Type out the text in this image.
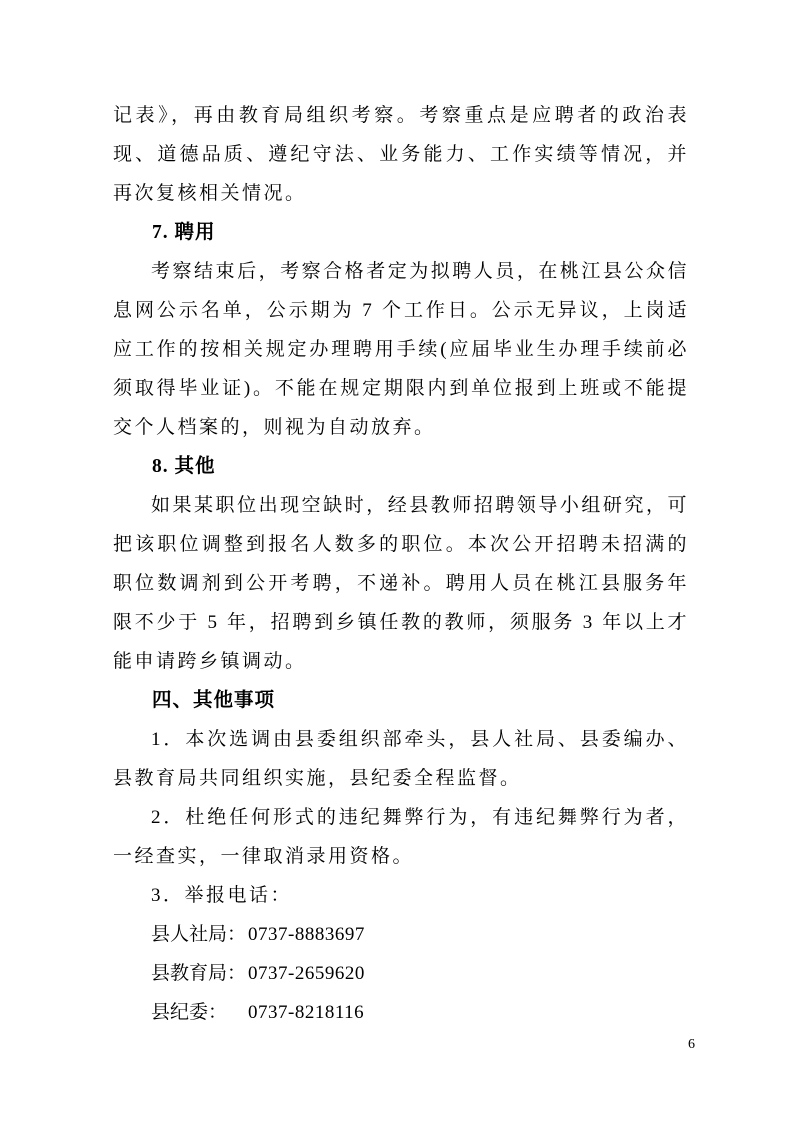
记表》，再由教育局组织考察。考察重点是应聘者的政治表现、道德品质、遵纪守法、业务能力、工作实绩等情况，并再次复核相关情况。

7. 聘用

考察结束后，考察合格者定为拟聘人员，在桃江县公众信息网公示名单，公示期为 7 个工作日。公示无异议，上岗适应工作的按相关规定办理聘用手续(应届毕业生办理手续前必须取得毕业证)。不能在规定期限内到单位报到上班或不能提交个人档案的，则视为自动放弃。

8. 其他

如果某职位出现空缺时，经县教师招聘领导小组研究，可把该职位调整到报名人数多的职位。本次公开招聘未招满的职位数调剂到公开考聘，不递补。聘用人员在桃江县服务年限不少于 5 年，招聘到乡镇任教的教师，须服务 3 年以上才能申请跨乡镇调动。

四、其他事项

1．本次选调由县委组织部牵头，县人社局、县委编办、县教育局共同组织实施，县纪委全程监督。

2．杜绝任何形式的违纪舞弊行为，有违纪舞弊行为者，一经查实，一律取消录用资格。

3．举报电话：

县人社局： 0737-8883697
县教育局： 0737-2659620
县纪委：	0737-8218116
6
